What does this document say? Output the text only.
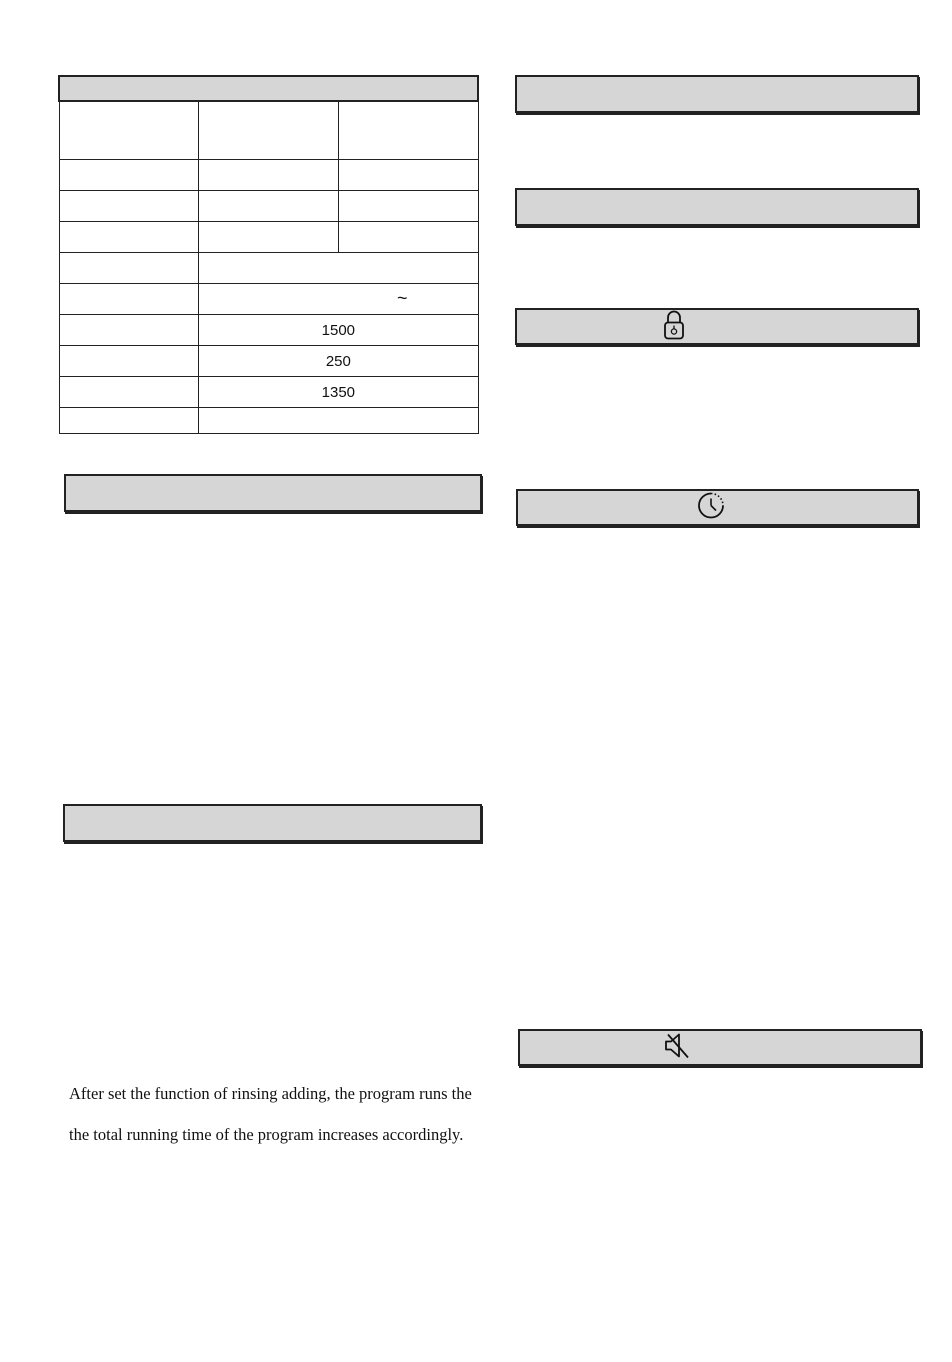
	~	

	1500	
	250	
	1350	

After set the function of rinsing adding, the program runs the
the total running time of the program increases accordingly.
